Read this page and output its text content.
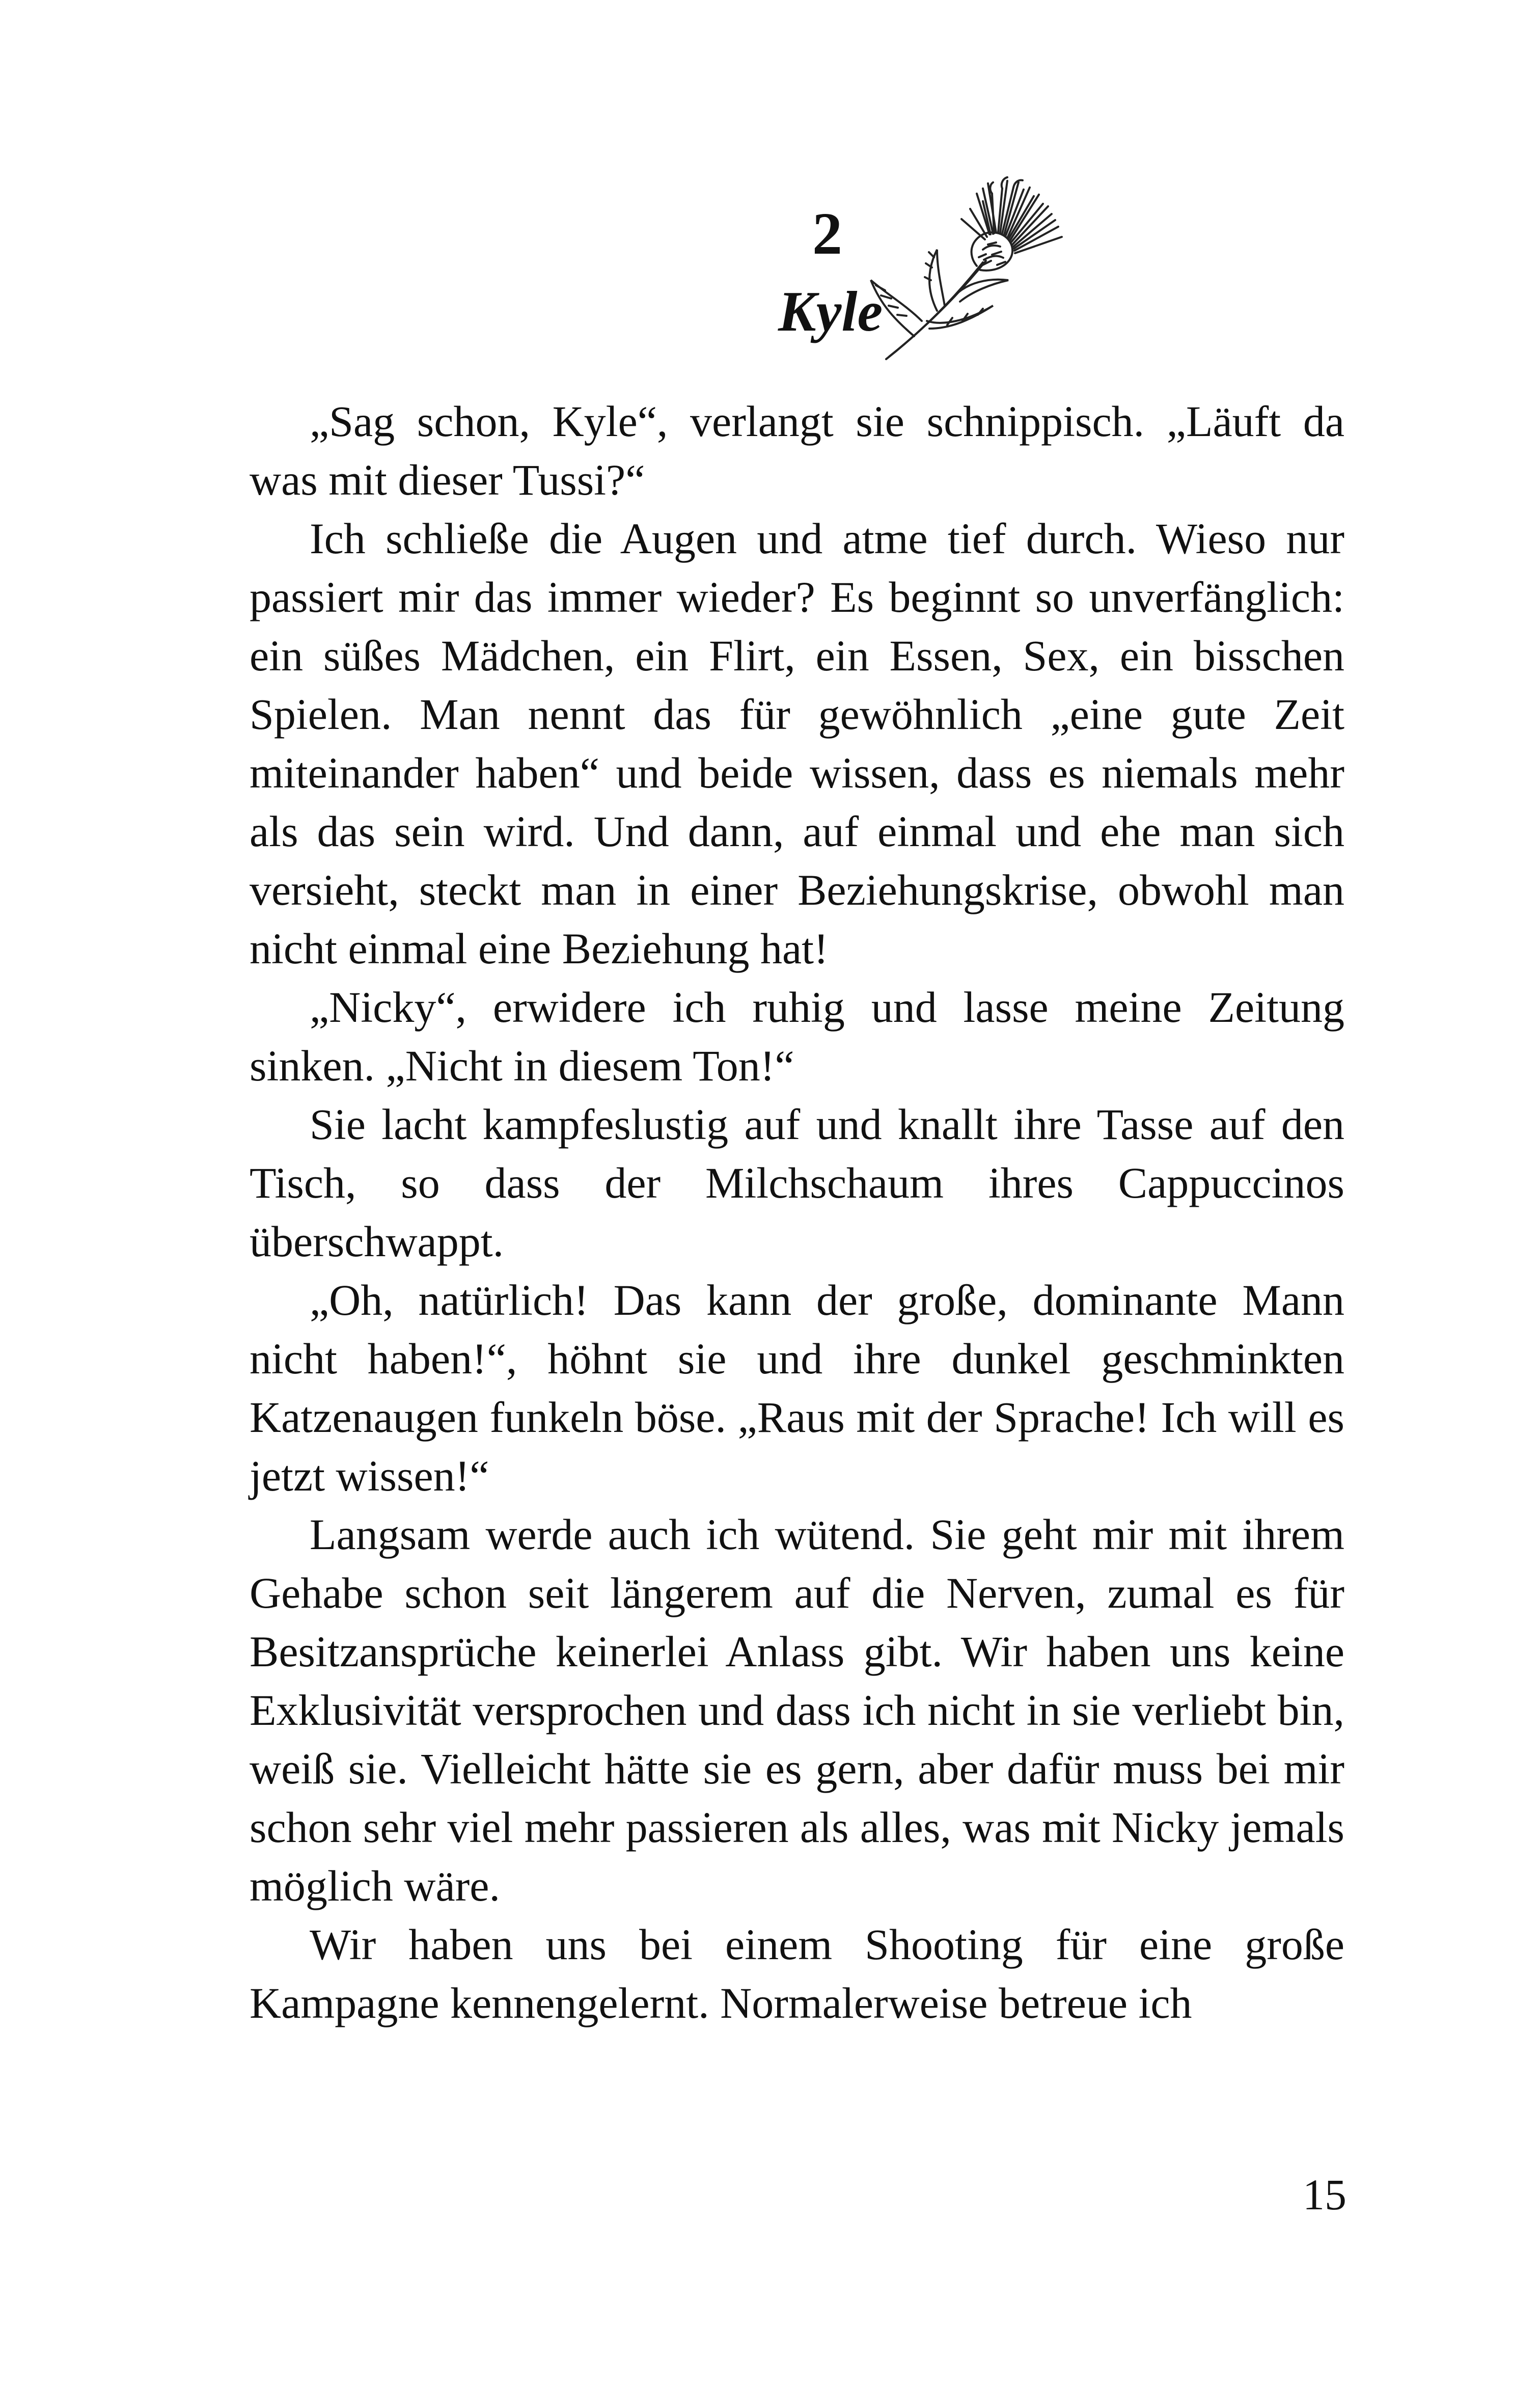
2
Kyle

„Sag schon, Kyle“, verlangt sie schnippisch. „Läuft da was mit dieser Tussi?“

Ich schließe die Augen und atme tief durch. Wieso nur passiert mir das immer wieder? Es beginnt so unverfänglich: ein süßes Mädchen, ein Flirt, ein Essen, Sex, ein bisschen Spielen. Man nennt das für gewöhnlich „eine gute Zeit miteinander haben“ und beide wissen, dass es niemals mehr als das sein wird. Und dann, auf einmal und ehe man sich versieht, steckt man in einer Beziehungskrise, obwohl man nicht einmal eine Beziehung hat!

„Nicky“, erwidere ich ruhig und lasse meine Zeitung sinken. „Nicht in diesem Ton!“

Sie lacht kampfeslustig auf und knallt ihre Tasse auf den Tisch, so dass der Milchschaum ihres Cappuccinos überschwappt.

„Oh, natürlich! Das kann der große, dominante Mann nicht haben!“, höhnt sie und ihre dunkel geschminkten Katzenaugen funkeln böse. „Raus mit der Sprache! Ich will es jetzt wissen!“

Langsam werde auch ich wütend. Sie geht mir mit ihrem Gehabe schon seit längerem auf die Nerven, zumal es für Besitzansprüche keinerlei Anlass gibt. Wir haben uns keine Exklusivität versprochen und dass ich nicht in sie verliebt bin, weiß sie. Vielleicht hätte sie es gern, aber dafür muss bei mir schon sehr viel mehr passieren als alles, was mit Nicky jemals möglich wäre.

Wir haben uns bei einem Shooting für eine große Kampagne kennengelernt. Normalerweise betreue ich

15
